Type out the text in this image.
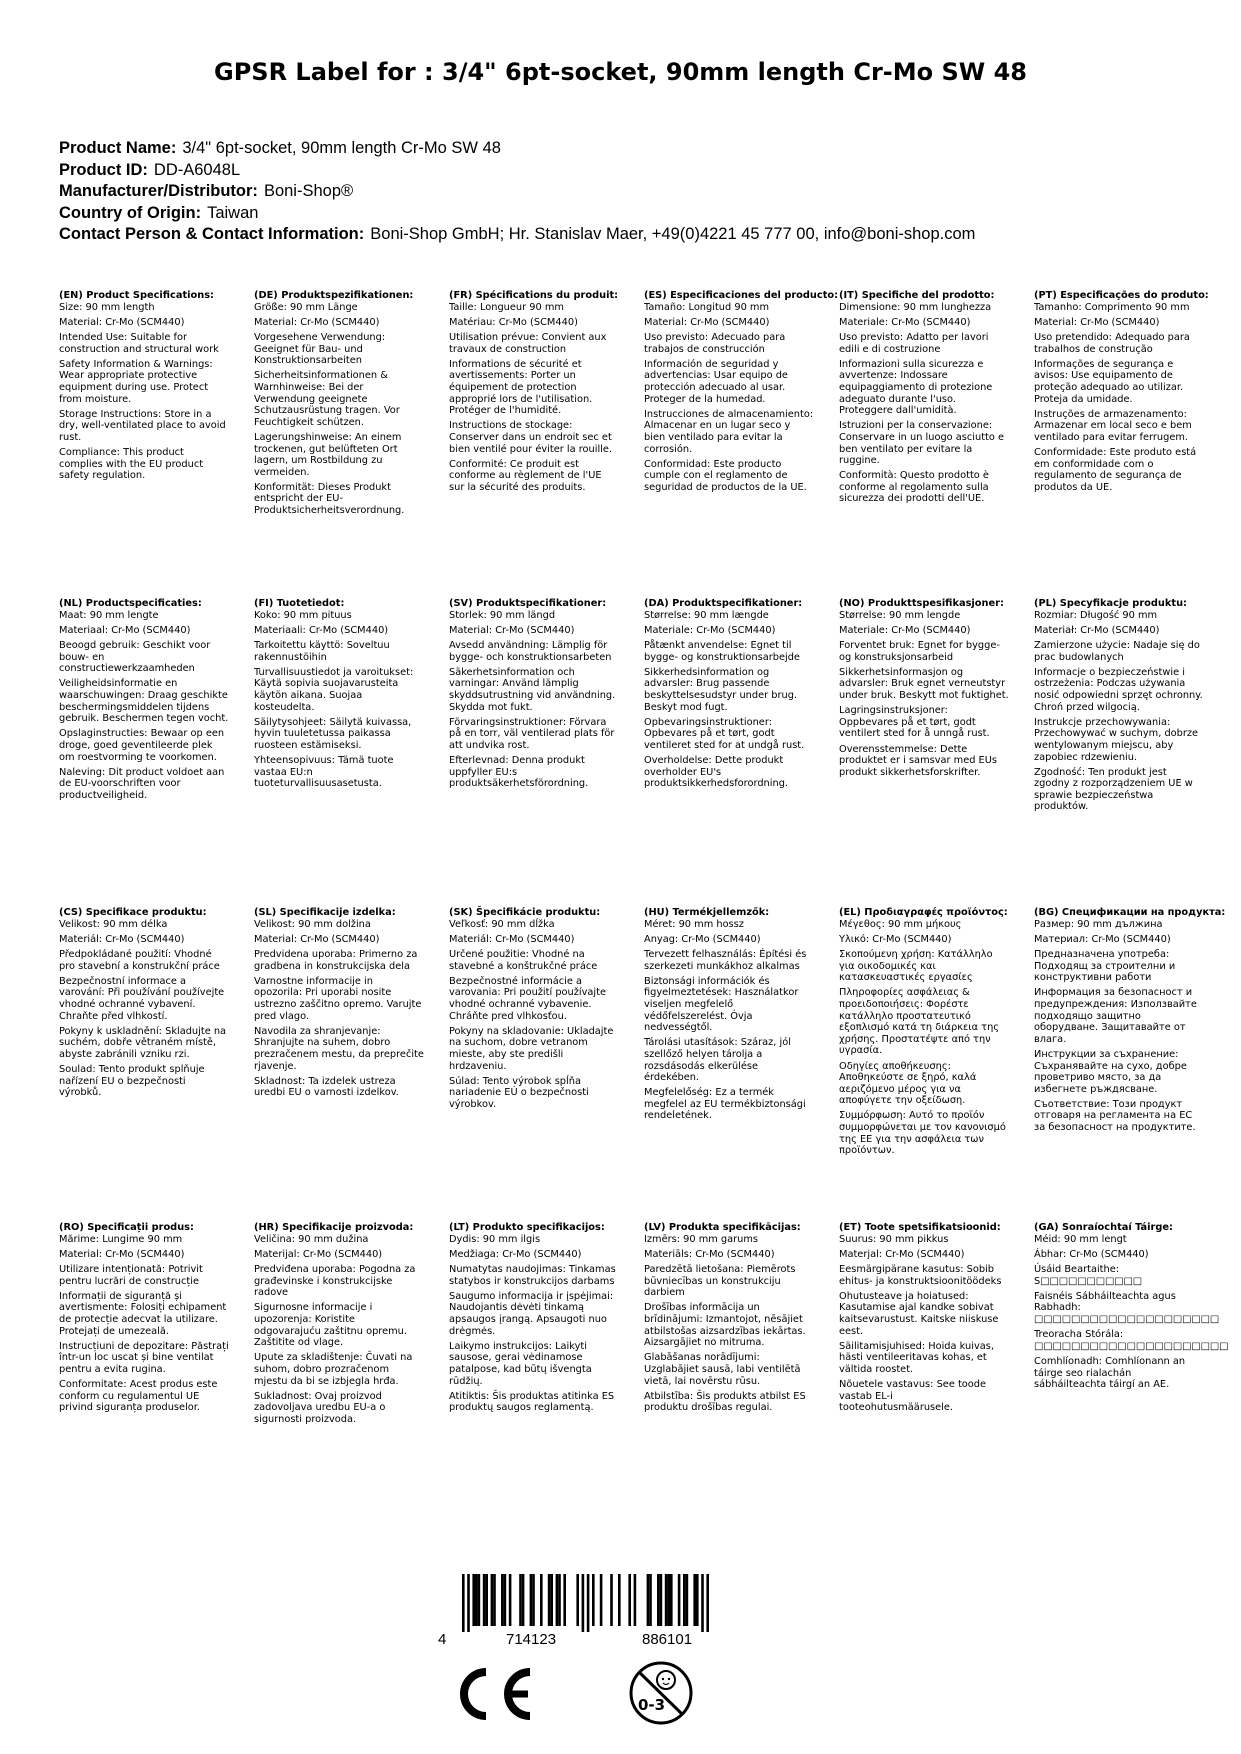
GPSR Label for : 3/4" 6pt-socket, 90mm length Cr-Mo SW 48
Product Name: 3/4" 6pt-socket, 90mm length Cr-Mo SW 48
Product ID: DD-A6048L
Manufacturer/Distributor: Boni-Shop®
Country of Origin: Taiwan
Contact Person & Contact Information: Boni-Shop GmbH; Hr. Stanislav Maer, +49(0)4221 45 777 00, info@boni-shop.com
(EN) Product Specifications:
Size: 90 mm length
Material: Cr-Mo (SCM440)
Intended Use: Suitable for construction and structural work
Safety Information & Warnings: Wear appropriate protective equipment during use. Protect from moisture.
Storage Instructions: Store in a dry, well-ventilated place to avoid rust.
Compliance: This product complies with the EU product safety regulation.
(DE) Produktspezifikationen:
Größe: 90 mm Länge
Material: Cr-Mo (SCM440)
Vorgesehene Verwendung: Geeignet für Bau- und Konstruktionsarbeiten
Sicherheitsinformationen & Warnhinweise: Bei der Verwendung geeignete Schutzausrüstung tragen. Vor Feuchtigkeit schützen.
Lagerungshinweise: An einem trockenen, gut belüfteten Ort lagern, um Rostbildung zu vermeiden.
Konformität: Dieses Produkt entspricht der EU-Produktsicherheitsverordnung.
(FR) Spécifications du produit:
Taille: Longueur 90 mm
Matériau: Cr-Mo (SCM440)
Utilisation prévue: Convient aux travaux de construction
Informations de sécurité et avertissements: Porter un équipement de protection approprié lors de l'utilisation. Protéger de l'humidité.
Instructions de stockage: Conserver dans un endroit sec et bien ventilé pour éviter la rouille.
Conformité: Ce produit est conforme au règlement de l'UE sur la sécurité des produits.
(ES) Especificaciones del producto:
Tamaño: Longitud 90 mm
Material: Cr-Mo (SCM440)
Uso previsto: Adecuado para trabajos de construcción
Información de seguridad y advertencias: Usar equipo de protección adecuado al usar. Proteger de la humedad.
Instrucciones de almacenamiento: Almacenar en un lugar seco y bien ventilado para evitar la corrosión.
Conformidad: Este producto cumple con el reglamento de seguridad de productos de la UE.
(IT) Specifiche del prodotto:
Dimensione: 90 mm lunghezza
Materiale: Cr-Mo (SCM440)
Uso previsto: Adatto per lavori edili e di costruzione
Informazioni sulla sicurezza e avvertenze: Indossare equipaggiamento di protezione adeguato durante l'uso. Proteggere dall'umidità.
Istruzioni per la conservazione: Conservare in un luogo asciutto e ben ventilato per evitare la ruggine.
Conformità: Questo prodotto è conforme al regolamento sulla sicurezza dei prodotti dell'UE.
(PT) Especificações do produto:
Tamanho: Comprimento 90 mm
Material: Cr-Mo (SCM440)
Uso pretendido: Adequado para trabalhos de construção
Informações de segurança e avisos: Use equipamento de proteção adequado ao utilizar. Proteja da umidade.
Instruções de armazenamento: Armazenar em local seco e bem ventilado para evitar ferrugem.
Conformidade: Este produto está em conformidade com o regulamento de segurança de produtos da UE.
(NL) Productspecificaties:
Maat: 90 mm lengte
Materiaal: Cr-Mo (SCM440)
Beoogd gebruik: Geschikt voor bouw- en constructiewerkzaamheden
Veiligheidsinformatie en waarschuwingen: Draag geschikte beschermingsmiddelen tijdens gebruik. Beschermen tegen vocht.
Opslaginstructies: Bewaar op een droge, goed geventileerde plek om roestvorming te voorkomen.
Naleving: Dit product voldoet aan de EU-voorschriften voor productveiligheid.
(FI) Tuotetiedot:
Koko: 90 mm pituus
Materiaali: Cr-Mo (SCM440)
Tarkoitettu käyttö: Soveltuu rakennustöihin
Turvallisuustiedot ja varoitukset: Käytä sopivia suojavarusteita käytön aikana. Suojaa kosteudelta.
Säilytysohjeet: Säilytä kuivassa, hyvin tuuletetussa paikassa ruosteen estämiseksi.
Yhteensopivuus: Tämä tuote vastaa EU:n tuoteturvallisuusasetusta.
(SV) Produktspecifikationer:
Storlek: 90 mm längd
Material: Cr-Mo (SCM440)
Avsedd användning: Lämplig för bygge- och konstruktionsarbeten
Säkerhetsinformation och varningar: Använd lämplig skyddsutrustning vid användning. Skydda mot fukt.
Förvaringsinstruktioner: Förvara på en torr, väl ventilerad plats för att undvika rost.
Efterlevnad: Denna produkt uppfyller EU:s produktsäkerhetsförordning.
(DA) Produktspecifikationer:
Størrelse: 90 mm længde
Materiale: Cr-Mo (SCM440)
Påtænkt anvendelse: Egnet til bygge- og konstruktionsarbejde
Sikkerhedsinformation og advarsler: Brug passende beskyttelsesudstyr under brug. Beskyt mod fugt.
Opbevaringsinstruktioner: Opbevares på et tørt, godt ventileret sted for at undgå rust.
Overholdelse: Dette produkt overholder EU's produktsikkerhedsforordning.
(NO) Produkttspesifikasjoner:
Størrelse: 90 mm lengde
Materiale: Cr-Mo (SCM440)
Forventet bruk: Egnet for bygge- og konstruksjonsarbeid
Sikkerhetsinformasjon og advarsler: Bruk egnet verneutstyr under bruk. Beskytt mot fuktighet.
Lagringsinstruksjoner: Oppbevares på et tørt, godt ventilert sted for å unngå rust.
Overensstemmelse: Dette produktet er i samsvar med EUs produkt sikkerhetsforskrifter.
(PL) Specyfikacje produktu:
Rozmiar: Długość 90 mm
Materiał: Cr-Mo (SCM440)
Zamierzone użycie: Nadaje się do prac budowlanych
Informacje o bezpieczeństwie i ostrzeżenia: Podczas używania nosić odpowiedni sprzęt ochronny. Chroń przed wilgocią.
Instrukcje przechowywania: Przechowywać w suchym, dobrze wentylowanym miejscu, aby zapobiec rdzewieniu.
Zgodność: Ten produkt jest zgodny z rozporządzeniem UE w sprawie bezpieczeństwa produktów.
(CS) Specifikace produktu:
Velikost: 90 mm délka
Materiál: Cr-Mo (SCM440)
Předpokládané použití: Vhodné pro stavební a konstrukční práce
Bezpečnostní informace a varování: Při používání používejte vhodné ochranné vybavení. Chraňte před vlhkostí.
Pokyny k uskladnění: Skladujte na suchém, dobře větraném místě, abyste zabránili vzniku rzi.
Soulad: Tento produkt splňuje nařízení EU o bezpečnosti výrobků.
(SL) Specifikacije izdelka:
Velikost: 90 mm dolžina
Material: Cr-Mo (SCM440)
Predvidena uporaba: Primerno za gradbena in konstrukcijska dela
Varnostne informacije in opozorila: Pri uporabi nosite ustrezno zaščitno opremo. Varujte pred vlago.
Navodila za shranjevanje: Shranjujte na suhem, dobro prezračenem mestu, da preprečite rjavenje.
Skladnost: Ta izdelek ustreza uredbi EU o varnosti izdelkov.
(SK) Špecifikácie produktu:
Veľkosť: 90 mm dĺžka
Materiál: Cr-Mo (SCM440)
Určené použitie: Vhodné na stavebné a konštrukčné práce
Bezpečnostné informácie a varovania: Pri použití používajte vhodné ochranné vybavenie. Chráňte pred vlhkosťou.
Pokyny na skladovanie: Ukladajte na suchom, dobre vetranom mieste, aby ste predišli hrdzaveniu.
Súlad: Tento výrobok spĺňa nariadenie EÚ o bezpečnosti výrobkov.
(HU) Termékjellemzők:
Méret: 90 mm hossz
Anyag: Cr-Mo (SCM440)
Tervezett felhasználás: Építési és szerkezeti munkákhoz alkalmas
Biztonsági információk és figyelmeztetések: Használatkor viseljen megfelelő védőfelszerelést. Óvja nedvességtől.
Tárolási utasítások: Száraz, jól szellőző helyen tárolja a rozsdásodás elkerülése érdekében.
Megfelelőség: Ez a termék megfelel az EU termékbiztonsági rendeletének.
(EL) Προδιαγραφές προϊόντος:
Μέγεθος: 90 mm μήκους
Υλικό: Cr-Mo (SCM440)
Σκοπούμενη χρήση: Κατάλληλο για οικοδομικές και κατασκευαστικές εργασίες
Πληροφορίες ασφάλειας & προειδοποιήσεις: Φορέστε κατάλληλο προστατευτικό εξοπλισμό κατά τη διάρκεια της χρήσης. Προστατέψτε από την υγρασία.
Οδηγίες αποθήκευσης: Αποθηκεύστε σε ξηρό, καλά αεριζόμενο μέρος για να αποφύγετε την οξείδωση.
Συμμόρφωση: Αυτό το προϊόν συμμορφώνεται με τον κανονισμό της ΕΕ για την ασφάλεια των προϊόντων.
(BG) Спецификации на продукта:
Размер: 90 mm дължина
Материал: Cr-Mo (SCM440)
Предназначена употреба: Подходящ за строителни и конструктивни работи
Информация за безопасност и предупреждения: Използвайте подходящо защитно оборудване. Защитавайте от влага.
Инструкции за съхранение: Съхранявайте на сухо, добре проветриво място, за да избегнете ръждясване.
Съответствие: Този продукт отговаря на регламента на ЕС за безопасност на продуктите.
(RO) Specificații produs:
Mărime: Lungime 90 mm
Material: Cr-Mo (SCM440)
Utilizare intenționată: Potrivit pentru lucrări de construcție
Informații de siguranță și avertismente: Folosiți echipament de protecție adecvat la utilizare. Protejați de umezeală.
Instrucțiuni de depozitare: Păstrați într-un loc uscat și bine ventilat pentru a evita rugina.
Conformitate: Acest produs este conform cu regulamentul UE privind siguranța produselor.
(HR) Specifikacije proizvoda:
Veličina: 90 mm dužina
Materijal: Cr-Mo (SCM440)
Predviđena uporaba: Pogodna za građevinske i konstrukcijske radove
Sigurnosne informacije i upozorenja: Koristite odgovarajuću zaštitnu opremu. Zaštitite od vlage.
Upute za skladištenje: Čuvati na suhom, dobro prozračenom mjestu da bi se izbjegla hrđa.
Sukladnost: Ovaj proizvod zadovoljava uredbu EU-a o sigurnosti proizvoda.
(LT) Produkto specifikacijos:
Dydis: 90 mm ilgis
Medžiaga: Cr-Mo (SCM440)
Numatytas naudojimas: Tinkamas statybos ir konstrukcijos darbams
Saugumo informacija ir įspėjimai: Naudojantis dėvėti tinkamą apsaugos įrangą. Apsaugoti nuo drėgmės.
Laikymo instrukcijos: Laikyti sausose, gerai vėdinamose patalpose, kad būtų išvengta rūdžių.
Atitiktis: Šis produktas atitinka ES produktų saugos reglamentą.
(LV) Produkta specifikācijas:
Izmērs: 90 mm garums
Materiāls: Cr-Mo (SCM440)
Paredzētā lietošana: Piemērots būvniecības un konstrukciju darbiem
Drošības informācija un brīdinājumi: Izmantojot, nēsājiet atbilstošas aizsardzības iekārtas. Aizsargājiet no mitruma.
Glabāšanas norādījumi: Uzglabājiet sausā, labi ventilētā vietā, lai novērstu rūsu.
Atbilstība: Šis produkts atbilst ES produktu drošības regulai.
(ET) Toote spetsifikatsioonid:
Suurus: 90 mm pikkus
Materjal: Cr-Mo (SCM440)
Eesmärgipärane kasutus: Sobib ehitus- ja konstruktsioonitöödeks
Ohutusteave ja hoiatused: Kasutamise ajal kandke sobivat kaitsevarustust. Kaitske niiskuse eest.
Säilitamisjuhised: Hoida kuivas, hästi ventileeritavas kohas, et vältida roostet.
Nõuetele vastavus: See toode vastab EL-i tooteohutusmäärusele.
(GA) Sonraíochtaí Táirge:
Méid: 90 mm lengt
Ábhar: Cr-Mo (SCM440)
Úsáid Beartaithe: S□□□□□□□□□□□
Faisnéis Sábháilteachta agus Rabhadh: □□□□□□□□□□□□□□□□□□□□
Treoracha Stórála: □□□□□□□□□□□□□□□□□□□□□
Comhlíonadh: Comhlíonann an táirge seo rialachán sábháilteachta táirgí an AE.
4	714123	886101
0-3
